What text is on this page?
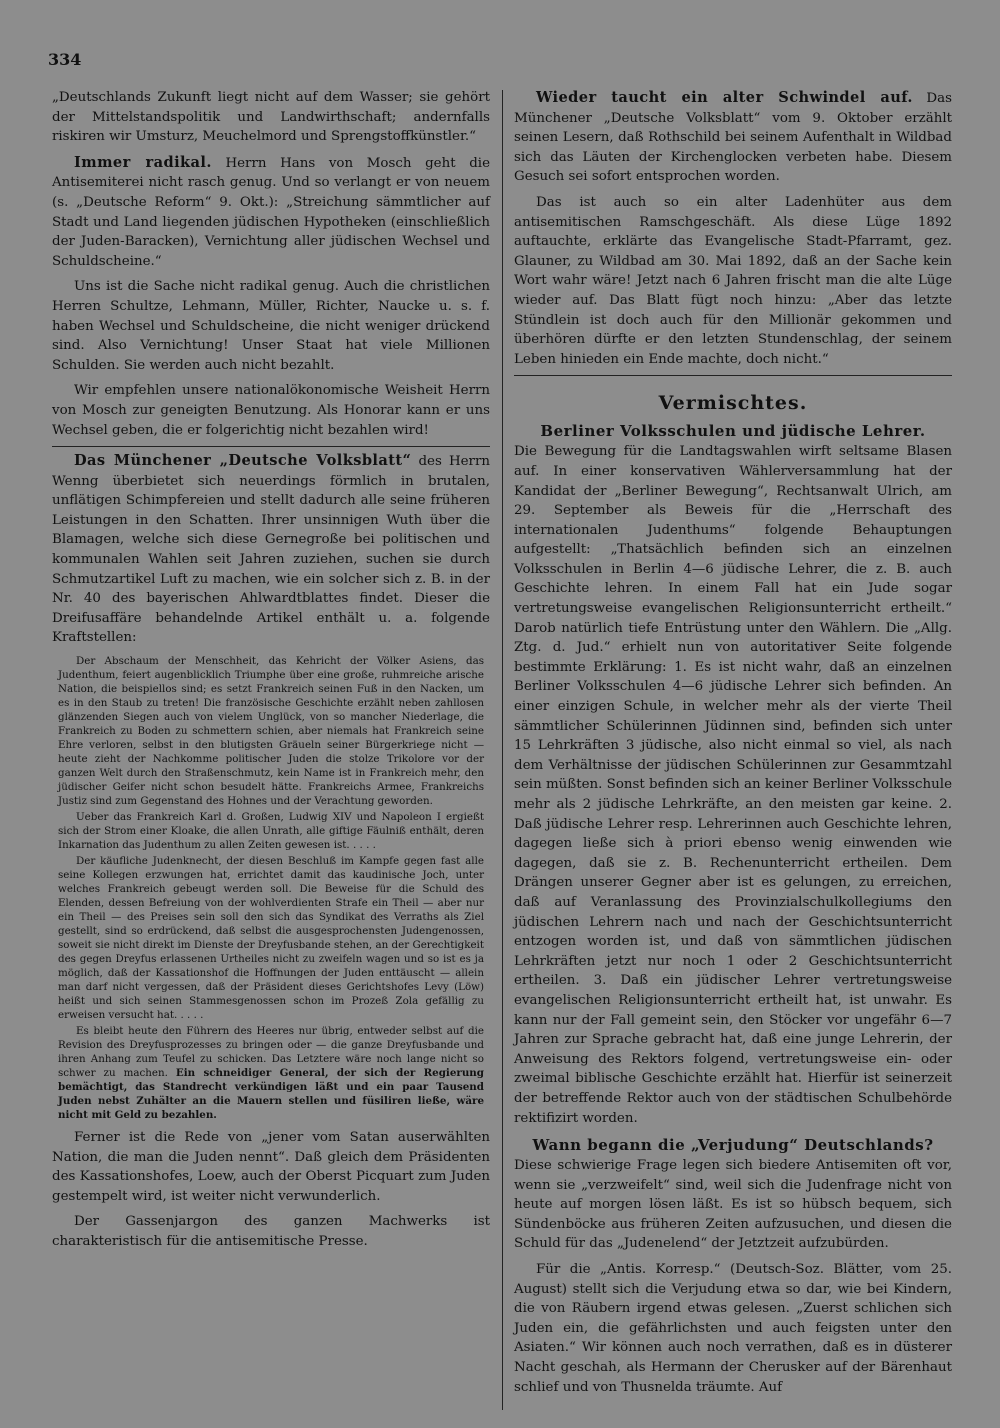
334

„Deutschlands Zukunft liegt nicht auf dem Wasser; sie gehört der Mittelstandspolitik und Landwirthschaft; andernfalls riskiren wir Umsturz, Meuchelmord und Sprengstoffkünstler.“

Immer radikal. Herrn Hans von Mosch geht die Antisemiterei nicht rasch genug. Und so verlangt er von neuem (s. „Deutsche Reform“ 9. Okt.): „Streichung sämmtlicher auf Stadt und Land liegenden jüdischen Hypotheken (einschließlich der Juden-Baracken), Vernichtung aller jüdischen Wechsel und Schuldscheine.“

Uns ist die Sache nicht radikal genug. Auch die christlichen Herren Schultze, Lehmann, Müller, Richter, Naucke u. s. f. haben Wechsel und Schuldscheine, die nicht weniger drückend sind. Also Vernichtung! Unser Staat hat viele Millionen Schulden. Sie werden auch nicht bezahlt.

Wir empfehlen unsere nationalökonomische Weisheit Herrn von Mosch zur geneigten Benutzung. Als Honorar kann er uns Wechsel geben, die er folgerichtig nicht bezahlen wird!

Das Münchener „Deutsche Volksblatt“ des Herrn Wenng überbietet sich neuerdings förmlich in brutalen, unflätigen Schimpfereien und stellt dadurch alle seine früheren Leistungen in den Schatten. Ihrer unsinnigen Wuth über die Blamagen, welche sich diese Gernegroße bei politischen und kommunalen Wahlen seit Jahren zuziehen, suchen sie durch Schmutzartikel Luft zu machen, wie ein solcher sich z. B. in der Nr. 40 des bayerischen Ahlwardtblattes findet. Dieser die Dreifusaffäre behandelnde Artikel enthält u. a. folgende Kraftstellen:

Der Abschaum der Menschheit, das Kehricht der Völker Asiens, das Judenthum, feiert augenblicklich Triumphe über eine große, ruhmreiche arische Nation, die beispiellos sind; es setzt Frankreich seinen Fuß in den Nacken, um es in den Staub zu treten! Die französische Geschichte erzählt neben zahllosen glänzenden Siegen auch von vielem Unglück, von so mancher Niederlage, die Frankreich zu Boden zu schmettern schien, aber niemals hat Frankreich seine Ehre verloren, selbst in den blutigsten Gräueln seiner Bürgerkriege nicht — heute zieht der Nachkomme politischer Juden die stolze Trikolore vor der ganzen Welt durch den Straßenschmutz, kein Name ist in Frankreich mehr, den jüdischer Geifer nicht schon besudelt hätte. Frankreichs Armee, Frankreichs Justiz sind zum Gegenstand des Hohnes und der Verachtung geworden.

Ueber das Frankreich Karl d. Großen, Ludwig XIV und Napoleon I ergießt sich der Strom einer Kloake, die allen Unrath, alle giftige Fäulniß enthält, deren Inkarnation das Judenthum zu allen Zeiten gewesen ist. . . . .

Der käufliche Judenknecht, der diesen Beschluß im Kampfe gegen fast alle seine Kollegen erzwungen hat, errichtet damit das kaudinische Joch, unter welches Frankreich gebeugt werden soll. Die Beweise für die Schuld des Elenden, dessen Befreiung von der wohlverdienten Strafe ein Theil — aber nur ein Theil — des Preises sein soll den sich das Syndikat des Verraths als Ziel gestellt, sind so erdrückend, daß selbst die ausgesprochensten Judengenossen, soweit sie nicht direkt im Dienste der Dreyfusbande stehen, an der Gerechtigkeit des gegen Dreyfus erlassenen Urtheiles nicht zu zweifeln wagen und so ist es ja möglich, daß der Kassationshof die Hoffnungen der Juden enttäuscht — allein man darf nicht vergessen, daß der Präsident dieses Gerichtshofes Levy (Löw) heißt und sich seinen Stammesgenossen schon im Prozeß Zola gefällig zu erweisen versucht hat. . . . .

Es bleibt heute den Führern des Heeres nur übrig, entweder selbst auf die Revision des Dreyfusprozesses zu bringen oder — die ganze Dreyfusbande und ihren Anhang zum Teufel zu schicken. Das Letztere wäre noch lange nicht so schwer zu machen. Ein schneidiger General, der sich der Regierung bemächtigt, das Standrecht verkündigen läßt und ein paar Tausend Juden nebst Zuhälter an die Mauern stellen und füsiliren ließe, wäre nicht mit Geld zu bezahlen.

Ferner ist die Rede von „jener vom Satan auserwählten Nation, die man die Juden nennt“. Daß gleich dem Präsidenten des Kassationshofes, Loew, auch der Oberst Picquart zum Juden gestempelt wird, ist weiter nicht verwunderlich.

Der Gassenjargon des ganzen Machwerks ist charakteristisch für die antisemitische Presse.

Wieder taucht ein alter Schwindel auf. Das Münchener „Deutsche Volksblatt“ vom 9. Oktober erzählt seinen Lesern, daß Rothschild bei seinem Aufenthalt in Wildbad sich das Läuten der Kirchenglocken verbeten habe. Diesem Gesuch sei sofort entsprochen worden.

Das ist auch so ein alter Ladenhüter aus dem antisemitischen Ramschgeschäft. Als diese Lüge 1892 auftauchte, erklärte das Evangelische Stadt-Pfarramt, gez. Glauner, zu Wildbad am 30. Mai 1892, daß an der Sache kein Wort wahr wäre! Jetzt nach 6 Jahren frischt man die alte Lüge wieder auf. Das Blatt fügt noch hinzu: „Aber das letzte Stündlein ist doch auch für den Millionär gekommen und überhören dürfte er den letzten Stundenschlag, der seinem Leben hinieden ein Ende machte, doch nicht.“

Vermischtes.
Berliner Volksschulen und jüdische Lehrer.

Die Bewegung für die Landtagswahlen wirft seltsame Blasen auf. In einer konservativen Wählerversammlung hat der Kandidat der „Berliner Bewegung“, Rechtsanwalt Ulrich, am 29. September als Beweis für die „Herrschaft des internationalen Judenthums“ folgende Behauptungen aufgestellt: „Thatsächlich befinden sich an einzelnen Volksschulen in Berlin 4—6 jüdische Lehrer, die z. B. auch Geschichte lehren. In einem Fall hat ein Jude sogar vertretungsweise evangelischen Religionsunterricht ertheilt.“ Darob natürlich tiefe Entrüstung unter den Wählern. Die „Allg. Ztg. d. Jud.“ erhielt nun von autoritativer Seite folgende bestimmte Erklärung: 1. Es ist nicht wahr, daß an einzelnen Berliner Volksschulen 4—6 jüdische Lehrer sich befinden. An einer einzigen Schule, in welcher mehr als der vierte Theil sämmtlicher Schülerinnen Jüdinnen sind, befinden sich unter 15 Lehrkräften 3 jüdische, also nicht einmal so viel, als nach dem Verhältnisse der jüdischen Schülerinnen zur Gesammtzahl sein müßten. Sonst befinden sich an keiner Berliner Volksschule mehr als 2 jüdische Lehrkräfte, an den meisten gar keine. 2. Daß jüdische Lehrer resp. Lehrerinnen auch Geschichte lehren, dagegen ließe sich à priori ebenso wenig einwenden wie dagegen, daß sie z. B. Rechenunterricht ertheilen. Dem Drängen unserer Gegner aber ist es gelungen, zu erreichen, daß auf Veranlassung des Provinzialschulkollegiums den jüdischen Lehrern nach und nach der Geschichtsunterricht entzogen worden ist, und daß von sämmtlichen jüdischen Lehrkräften jetzt nur noch 1 oder 2 Geschichtsunterricht ertheilen. 3. Daß ein jüdischer Lehrer vertretungsweise evangelischen Religionsunterricht ertheilt hat, ist unwahr. Es kann nur der Fall gemeint sein, den Stöcker vor ungefähr 6—7 Jahren zur Sprache gebracht hat, daß eine junge Lehrerin, der Anweisung des Rektors folgend, vertretungsweise ein- oder zweimal biblische Geschichte erzählt hat. Hierfür ist seinerzeit der betreffende Rektor auch von der städtischen Schulbehörde rektifizirt worden.

Wann begann die „Verjudung“ Deutschlands?

Diese schwierige Frage legen sich biedere Antisemiten oft vor, wenn sie „verzweifelt“ sind, weil sich die Judenfrage nicht von heute auf morgen lösen läßt. Es ist so hübsch bequem, sich Sündenböcke aus früheren Zeiten aufzusuchen, und diesen die Schuld für das „Judenelend“ der Jetztzeit aufzubürden.

Für die „Antis. Korresp.“ (Deutsch-Soz. Blätter, vom 25. August) stellt sich die Verjudung etwa so dar, wie bei Kindern, die von Räubern irgend etwas gelesen. „Zuerst schlichen sich Juden ein, die gefährlichsten und auch feigsten unter den Asiaten.“ Wir können auch noch verrathen, daß es in düsterer Nacht geschah, als Hermann der Cherusker auf der Bärenhaut schlief und von Thusnelda träumte. Auf
